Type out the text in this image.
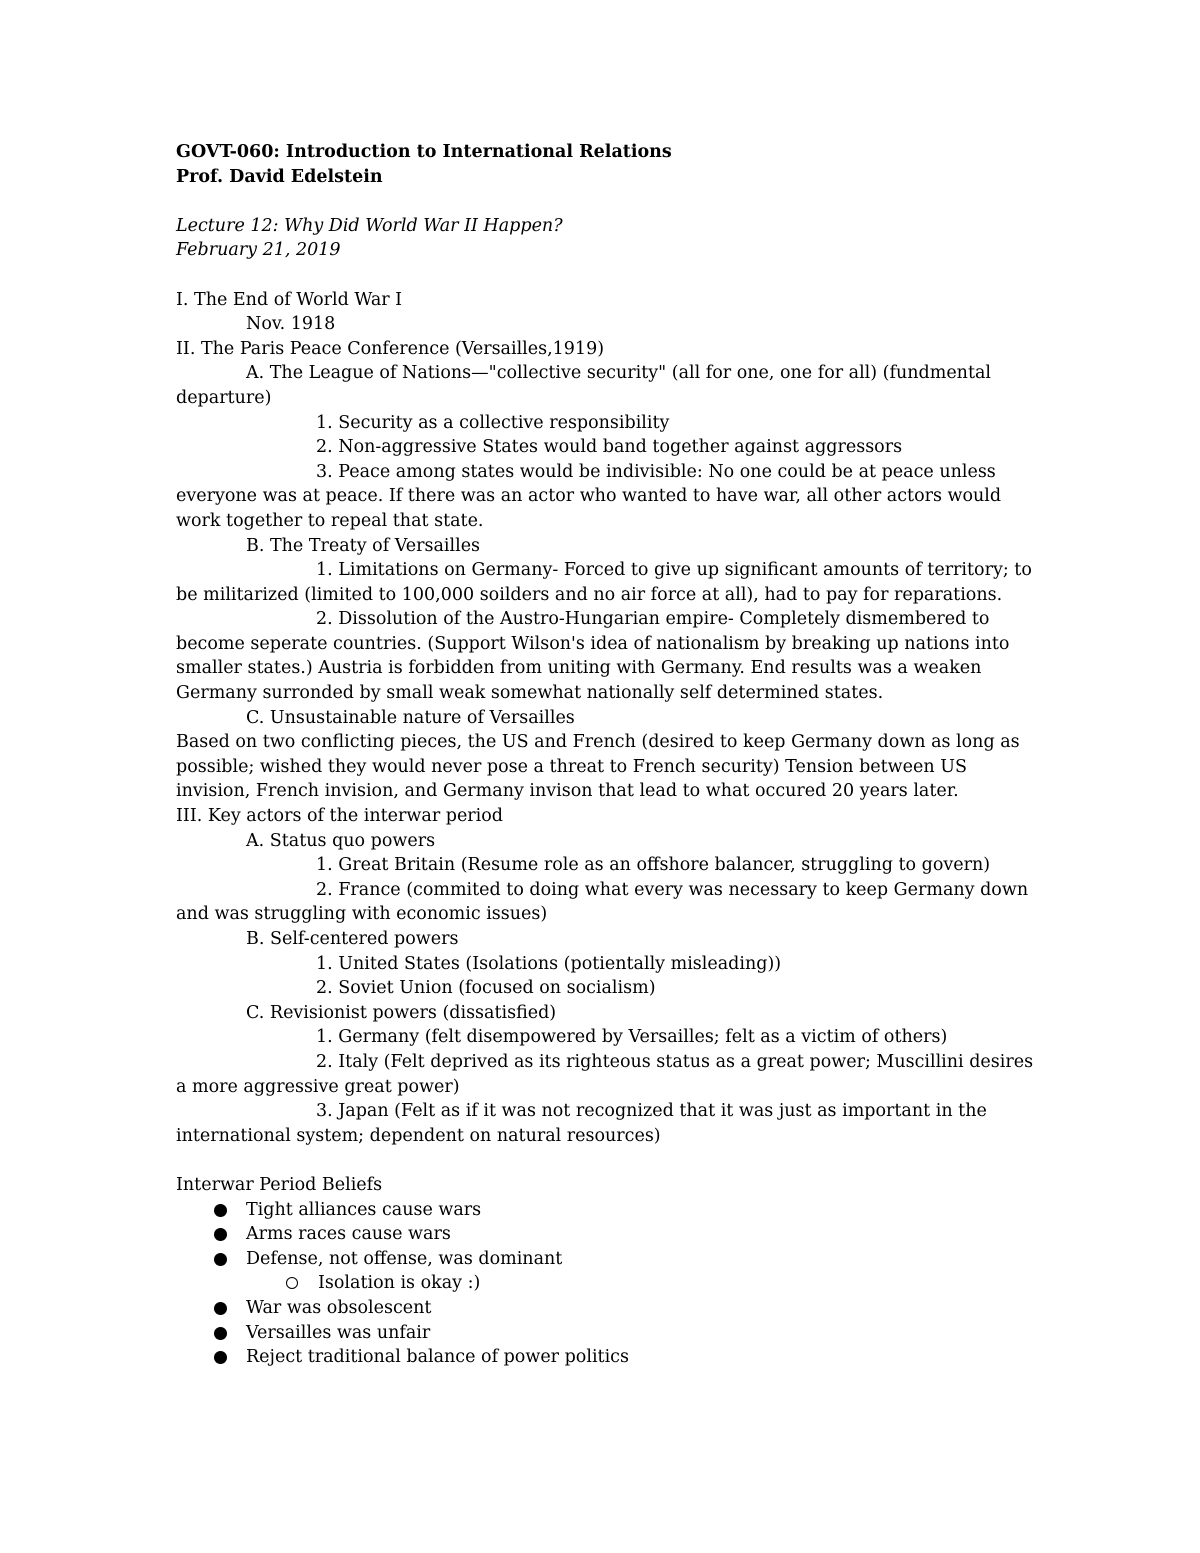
GOVT-060: Introduction to International Relations
Prof. David Edelstein
Lecture 12: Why Did World War II Happen?
February 21, 2019
I. The End of World War I
Nov. 1918
II. The Paris Peace Conference (Versailles,1919)
A. The League of Nations—"collective security" (all for one, one for all) (fundmental departure)
1. Security as a collective responsibility
2. Non-aggressive States would band together against aggressors
3. Peace among states would be indivisible: No one could be at peace unless everyone was at peace. If there was an actor who wanted to have war, all other actors would work together to repeal that state.
B. The Treaty of Versailles
1. Limitations on Germany- Forced to give up significant amounts of territory; to be militarized (limited to 100,000 soilders and no air force at all), had to pay for reparations.
2. Dissolution of the Austro-Hungarian empire- Completely dismembered to become seperate countries. (Support Wilson's idea of nationalism by breaking up nations into smaller states.) Austria is forbidden from uniting with Germany. End results was a weaken Germany surronded by small weak somewhat nationally self determined states.
C. Unsustainable nature of Versailles
Based on two conflicting pieces, the US and French (desired to keep Germany down as long as possible; wished they would never pose a threat to French security) Tension between US invision, French invision, and Germany invison that lead to what occured 20 years later.
III. Key actors of the interwar period
A. Status quo powers
1. Great Britain (Resume role as an offshore balancer, struggling to govern)
2. France (commited to doing what every was necessary to keep Germany down and was struggling with economic issues)
B. Self-centered powers
1. United States (Isolations (potientally misleading))
2. Soviet Union (focused on socialism)
C. Revisionist powers (dissatisfied)
1. Germany (felt disempowered by Versailles; felt as a victim of others)
2. Italy (Felt deprived as its righteous status as a great power; Muscillini desires a more aggressive great power)
3. Japan (Felt as if it was not recognized that it was just as important in the international system; dependent on natural resources)
Interwar Period Beliefs
Tight alliances cause wars
Arms races cause wars
Defense, not offense, was dominant
Isolation is okay :)
War was obsolescent
Versailles was unfair
Reject traditional balance of power politics
